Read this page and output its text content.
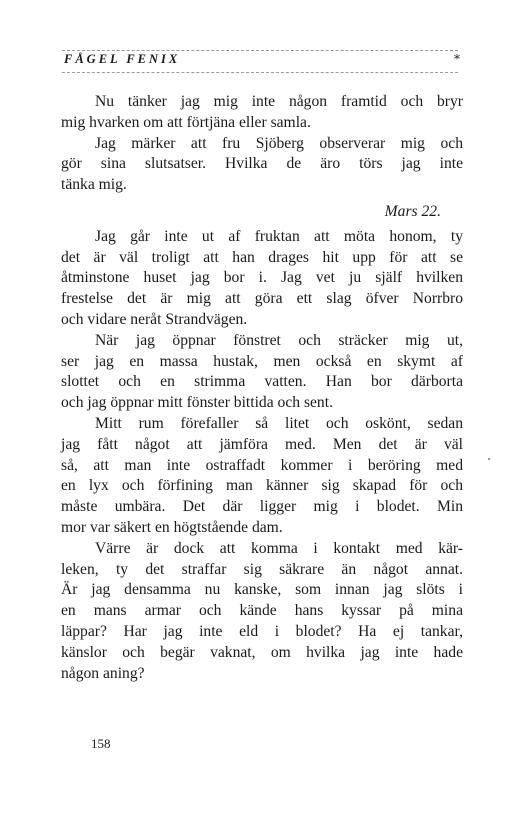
FÅGEL FENIX	*
Nu tänker jag mig inte någon framtid och bryr
mig hvarken om att förtjäna eller samla.
Jag märker att fru Sjöberg observerar mig och
gör sina slutsatser. Hvilka de äro törs jag inte
tänka mig.
Mars 22.
Jag går inte ut af fruktan att möta honom, ty
det är väl troligt att han drages hit upp för att se
åtminstone huset jag bor i. Jag vet ju själf hvilken
frestelse det är mig att göra ett slag öfver Norrbro
och vidare neråt Strandvägen.
När jag öppnar fönstret och sträcker mig ut,
ser jag en massa hustak, men också en skymt af
slottet och en strimma vatten. Han bor därborta
och jag öppnar mitt fönster bittida och sent.
Mitt rum förefaller så litet och oskönt, sedan
jag fått något att jämföra med. Men det är väl
så, att man inte ostraffadt kommer i beröring med
en lyx och förfining man känner sig skapad för och
måste umbära. Det där ligger mig i blodet. Min
mor var säkert en högtstående dam.
Värre är dock att komma i kontakt med kär-
leken, ty det straffar sig säkrare än något annat.
Är jag densamma nu kanske, som innan jag slöts i
en mans armar och kände hans kyssar på mina
läppar? Har jag inte eld i blodet? Ha ej tankar,
känslor och begär vaknat, om hvilka jag inte hade
någon aning?
158
